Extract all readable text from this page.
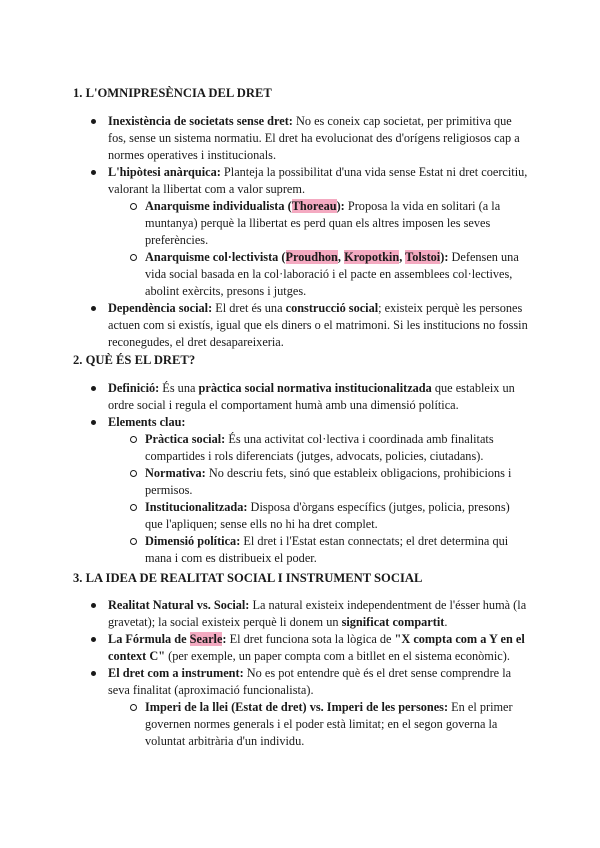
1. L'OMNIPRESÈNCIA DEL DRET
Inexistència de societats sense dret: No es coneix cap societat, per primitiva que fos, sense un sistema normatiu. El dret ha evolucionat des d'orígens religiosos cap a normes operatives i institucionals.
L'hipòtesi anàrquica: Planteja la possibilitat d'una vida sense Estat ni dret coercitiu, valorant la llibertat com a valor suprem.
Anarquisme individualista (Thoreau): Proposa la vida en solitari (a la muntanya) perquè la llibertat es perd quan els altres imposen les seves preferències.
Anarquisme col·lectivista (Proudhon, Kropotkin, Tolstoi): Defensen una vida social basada en la col·laboració i el pacte en assemblees col·lectives, abolint exèrcits, presons i jutges.
Dependència social: El dret és una construcció social; existeix perquè les persones actuen com si existís, igual que els diners o el matrimoni. Si les institucions no fossin reconegudes, el dret desapareixeria.
2. QUÈ ÉS EL DRET?
Definició: És una pràctica social normativa institucionalitzada que estableix un ordre social i regula el comportament humà amb una dimensió política.
Elements clau:
Pràctica social: És una activitat col·lectiva i coordinada amb finalitats compartides i rols diferenciats (jutges, advocats, policies, ciutadans).
Normativa: No descriu fets, sinó que estableix obligacions, prohibicions i permisos.
Institucionalitzada: Disposa d'òrgans específics (jutges, policia, presons) que l'apliquen; sense ells no hi ha dret complet.
Dimensió política: El dret i l'Estat estan connectats; el dret determina qui mana i com es distribueix el poder.
3. LA IDEA DE REALITAT SOCIAL I INSTRUMENT SOCIAL
Realitat Natural vs. Social: La natural existeix independentment de l'ésser humà (la gravetat); la social existeix perquè li donem un significat compartit.
La Fórmula de Searle: El dret funciona sota la lògica de "X compta com a Y en el context C" (per exemple, un paper compta com a bitllet en el sistema econòmic).
El dret com a instrument: No es pot entendre què és el dret sense comprendre la seva finalitat (aproximació funcionalista).
Imperi de la llei (Estat de dret) vs. Imperi de les persones: En el primer governen normes generals i el poder està limitat; en el segon governa la voluntat arbitrària d'un individu.
